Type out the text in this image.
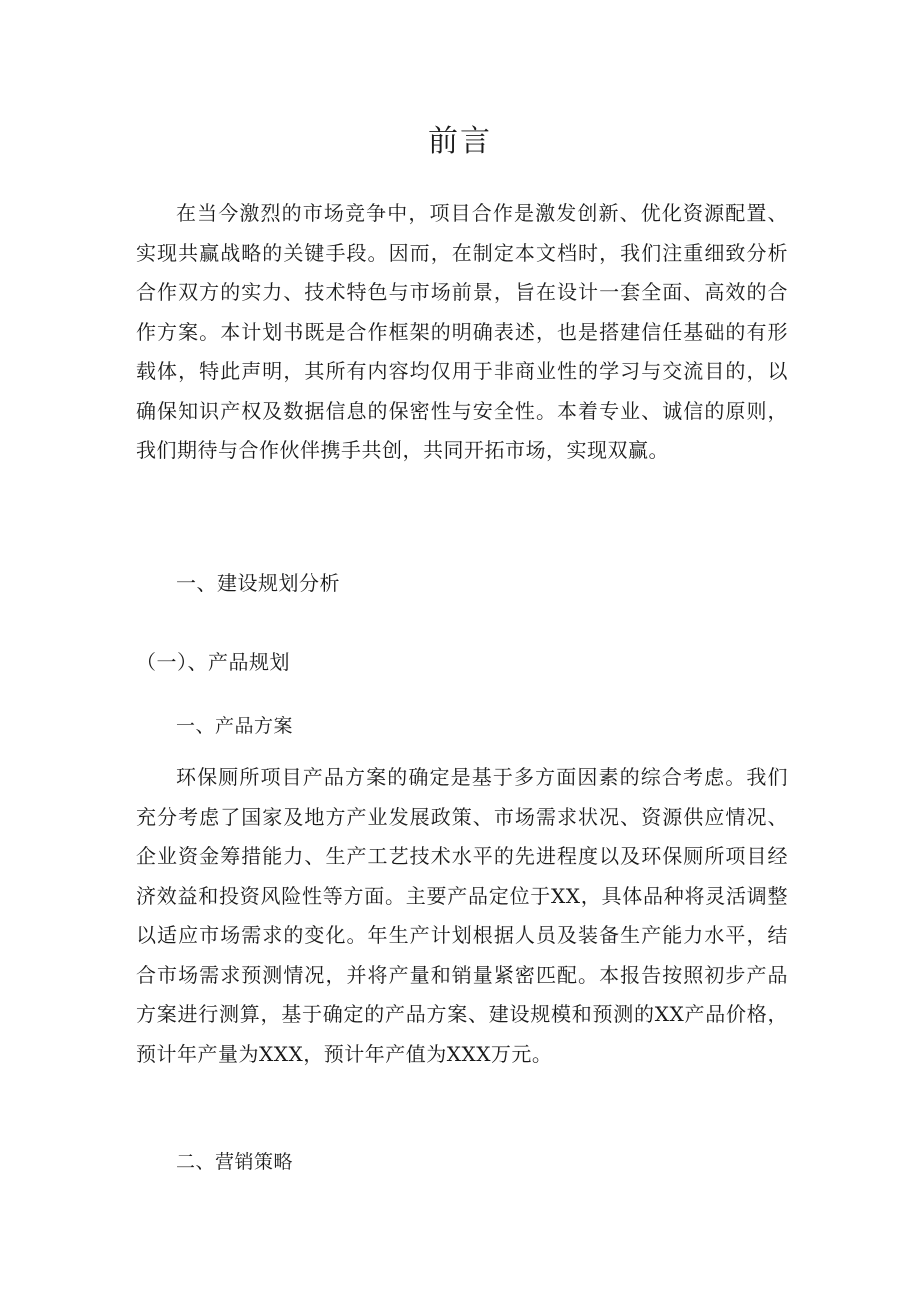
前言

在当今激烈的市场竞争中，项目合作是激发创新、优化资源配置、实现共赢战略的关键手段。因而，在制定本文档时，我们注重细致分析合作双方的实力、技术特色与市场前景，旨在设计一套全面、高效的合作方案。本计划书既是合作框架的明确表述，也是搭建信任基础的有形载体，特此声明，其所有内容均仅用于非商业性的学习与交流目的，以确保知识产权及数据信息的保密性与安全性。本着专业、诚信的原则，我们期待与合作伙伴携手共创，共同开拓市场，实现双赢。

一、建设规划分析
（一）、产品规划
一、产品方案

环保厕所项目产品方案的确定是基于多方面因素的综合考虑。我们充分考虑了国家及地方产业发展政策、市场需求状况、资源供应情况、企业资金筹措能力、生产工艺技术水平的先进程度以及环保厕所项目经济效益和投资风险性等方面。主要产品定位于XX，具体品种将灵活调整以适应市场需求的变化。年生产计划根据人员及装备生产能力水平，结合市场需求预测情况，并将产量和销量紧密匹配。本报告按照初步产品方案进行测算，基于确定的产品方案、建设规模和预测的XX产品价格，预计年产量为XXX，预计年产值为XXX万元。

二、营销策略
